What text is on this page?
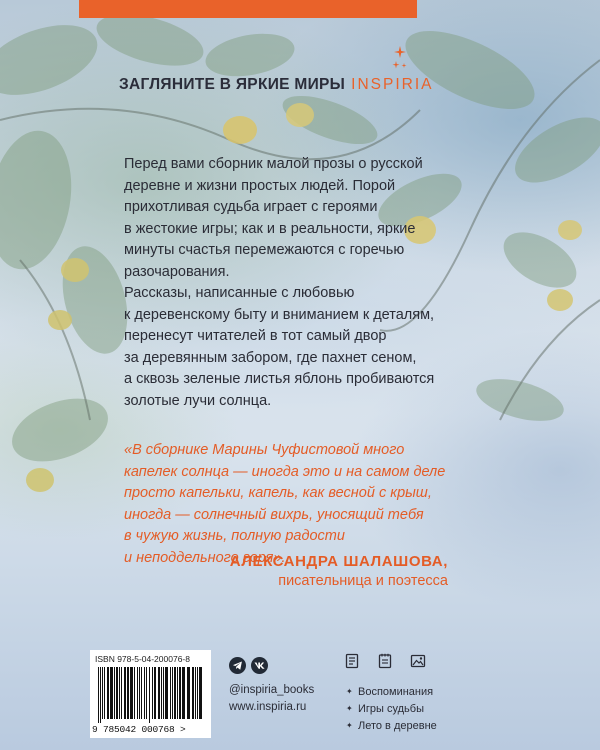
ЗАГЛЯНИТЕ В ЯРКИЕ МИРЫ INSPIRIA

Перед вами сборник малой прозы о русской
деревне и жизни простых людей. Порой
прихотливая судьба играет с героями
в жестокие игры; как и в реальности, яркие
минуты счастья перемежаются с горечью
разочарования.

Рассказы, написанные с любовью
к деревенскому быту и вниманием к деталям,
перенесут читателей в тот самый двор
за деревянным забором, где пахнет сеном,
а сквозь зеленые листья яблонь пробиваются
золотые лучи солнца.

«В сборнике Марины Чуфистовой много
капелек солнца — иногда это и на самом деле
просто капельки, капель, как весной с крыш,
иногда — солнечный вихрь, уносящий тебя
в чужую жизнь, полную радости
и неподдельного горя».

АЛЕКСАНДРА ШАЛАШОВА,
писательница и поэтесса
ISBN 978-5-04-200076-8
9 785042 000768 >
@inspiria_books
www.inspiria.ru
✦ Воспоминания
✦ Игры судьбы
✦ Лето в деревне
